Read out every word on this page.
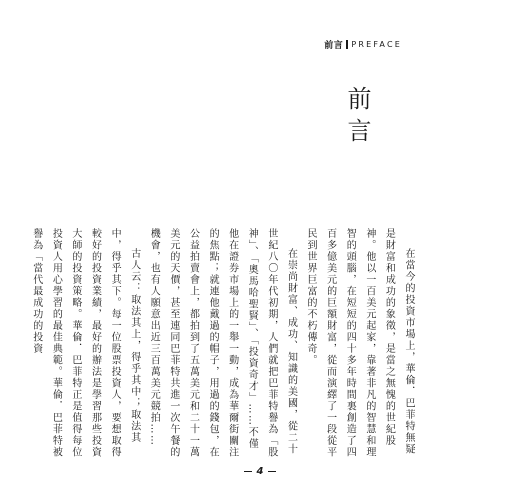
前言 PREFACE
前言

在當今的投資市場上，華倫．巴菲特無疑是財富和成功的象徵，是當之無愧的世紀股神。他以一百美元起家，靠著非凡的智慧和理智的頭腦，在短短的四十多年時間裏創造了四百多億美元的巨額財富，從而演繹了一段從平民到世界巨富的不朽傳奇。

在崇尚財富、成功、知識的美國，從二十世紀八〇年代初期，人們就把巴菲特譽為「股神」、「奧馬哈聖賢」、「投資奇才」……不僅他在證券市場上的一舉一動，成為華爾街關注的焦點；就連他戴過的帽子，用過的錢包，在公益拍賣會上，都拍到了五萬美元和二十一萬美元的天價，甚至連同巴菲特共進一次午餐的機會，也有人願意出近三百萬美元競拍……

古人云：取法其上，得乎其中；取法其中，得乎其下。每一位股票投資人，要想取得較好的投資業績，最好的辦法是學習那些投資大師的投資策略。華倫．巴菲特正是值得每位投資人用心學習的最佳典範。華倫．巴菲特被譽為「當代最成功的投資

4
